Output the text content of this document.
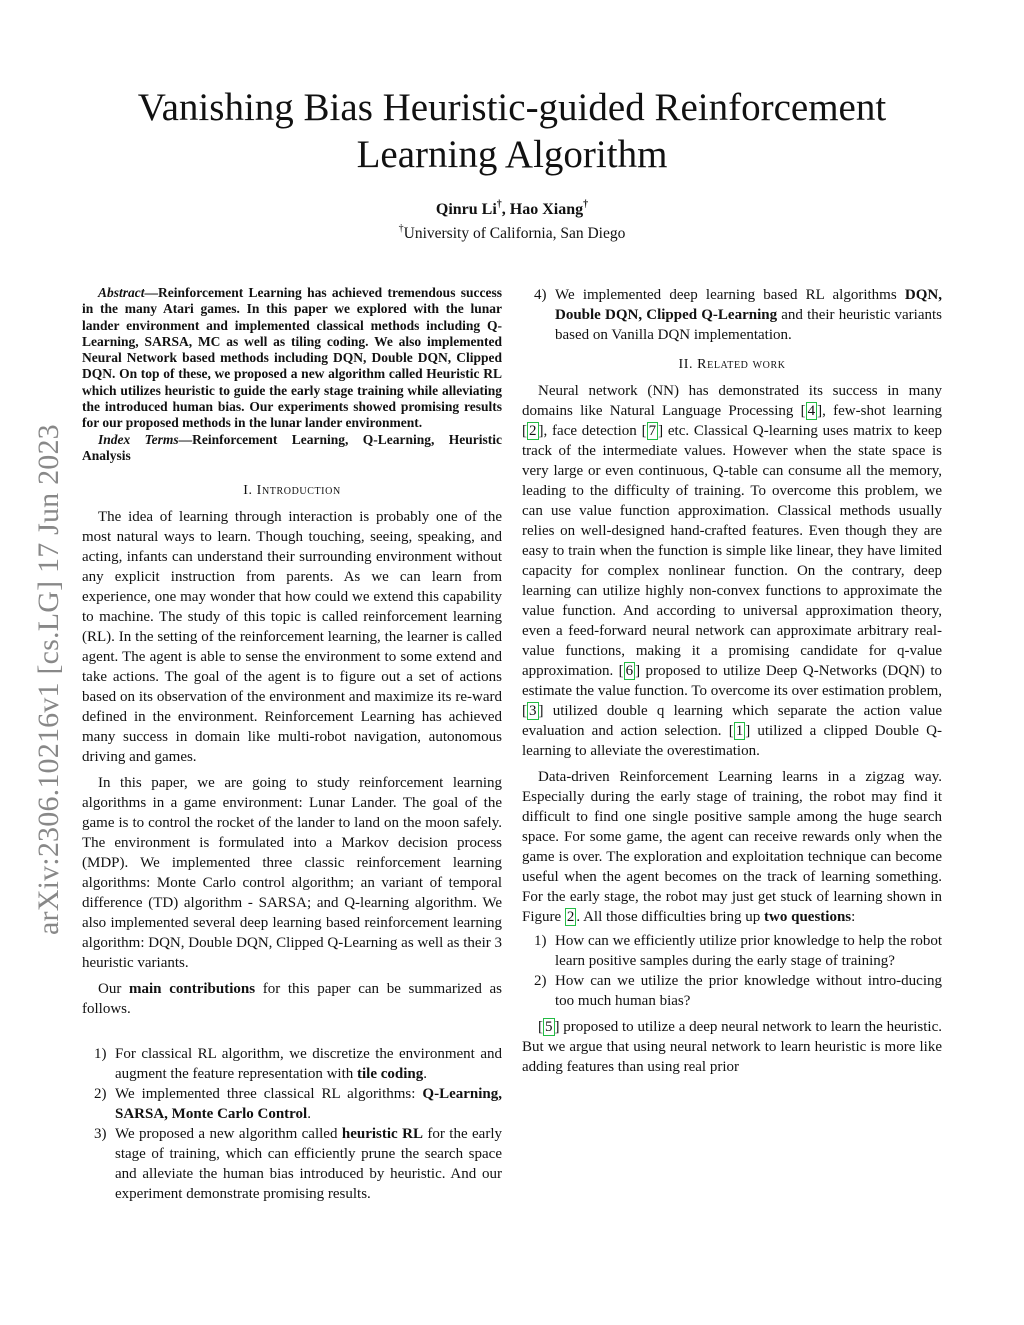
Vanishing Bias Heuristic-guided Reinforcement
Learning Algorithm
Qinru Li†, Hao Xiang†
†University of California, San Diego
arXiv:2306.10216v1 [cs.LG] 17 Jun 2023

Abstract—Reinforcement Learning has achieved tremendous success in the many Atari games. In this paper we explored with the lunar lander environment and implemented classical methods including Q-Learning, SARSA, MC as well as tiling coding. We also implemented Neural Network based methods including DQN, Double DQN, Clipped DQN. On top of these, we proposed a new algorithm called Heuristic RL which utilizes heuristic to guide the early stage training while alleviating the introduced human bias. Our experiments showed promising results for our proposed methods in the lunar lander environment.

Index Terms—Reinforcement Learning, Q-Learning, Heuristic Analysis

I. Introduction

The idea of learning through interaction is probably one of the most natural ways to learn. Though touching, seeing, speaking, and acting, infants can understand their surrounding environment without any explicit instruction from parents. As we can learn from experience, one may wonder that how could we extend this capability to machine. The study of this topic is called reinforcement learning (RL). In the setting of the reinforcement learning, the learner is called agent. The agent is able to sense the environment to some extend and take actions. The goal of the agent is to figure out a set of actions based on its observation of the environment and maximize its re-ward defined in the environment. Reinforcement Learning has achieved many success in domain like multi-robot navigation, autonomous driving and games.

In this paper, we are going to study reinforcement learning algorithms in a game environment: Lunar Lander. The goal of the game is to control the rocket of the lander to land on the moon safely. The environment is formulated into a Markov decision process (MDP). We implemented three classic reinforcement learning algorithms: Monte Carlo control algorithm; an variant of temporal difference (TD) algorithm - SARSA; and Q-learning algorithm. We also implemented several deep learning based reinforcement learning algorithm: DQN, Double DQN, Clipped Q-Learning as well as their 3 heuristic variants.

Our main contributions for this paper can be summarized as follows.

1) For classical RL algorithm, we discretize the environment and augment the feature representation with tile coding.
2) We implemented three classical RL algorithms: Q-Learning, SARSA, Monte Carlo Control.
3) We proposed a new algorithm called heuristic RL for the early stage of training, which can efficiently prune the search space and alleviate the human bias introduced by heuristic. And our experiment demonstrate promising results.
4) We implemented deep learning based RL algorithms DQN, Double DQN, Clipped Q-Learning and their heuristic variants based on Vanilla DQN implementation.

II. Related work

Neural network (NN) has demonstrated its success in many domains like Natural Language Processing [ 4 ], few-shot learning [ 2 ], face detection [ 7 ] etc. Classical Q-learning uses matrix to keep track of the intermediate values. However when the state space is very large or even continuous, Q-table can consume all the memory, leading to the difficulty of training. To overcome this problem, we can use value function approximation. Classical methods usually relies on well-designed hand-crafted features. Even though they are easy to train when the function is simple like linear, they have limited capacity for complex nonlinear function. On the contrary, deep learning can utilize highly non-convex functions to approximate the value function. And according to universal approximation theory, even a feed-forward neural network can approximate arbitrary real-value functions, making it a promising candidate for q-value approximation. [ 6 ] proposed to utilize Deep Q-Networks (DQN) to estimate the value function. To overcome its over estimation problem, [ 3 ] utilized double q learning which separate the action value evaluation and action selection. [ 1 ] utilized a clipped Double Q-learning to alleviate the overestimation.

Data-driven Reinforcement Learning learns in a zigzag way. Especially during the early stage of training, the robot may find it difficult to find one single positive sample among the huge search space. For some game, the agent can receive rewards only when the game is over. The exploration and exploitation technique can become useful when the agent becomes on the track of learning something. For the early stage, the robot may just get stuck of learning shown in Figure 2 . All those difficulties bring up two questions:

1) How can we efficiently utilize prior knowledge to help the robot learn positive samples during the early stage of training?
2) How can we utilize the prior knowledge without intro-ducing too much human bias?

[ 5 ] proposed to utilize a deep neural network to learn the heuristic. But we argue that using neural network to learn heuristic is more like adding features than using real prior
